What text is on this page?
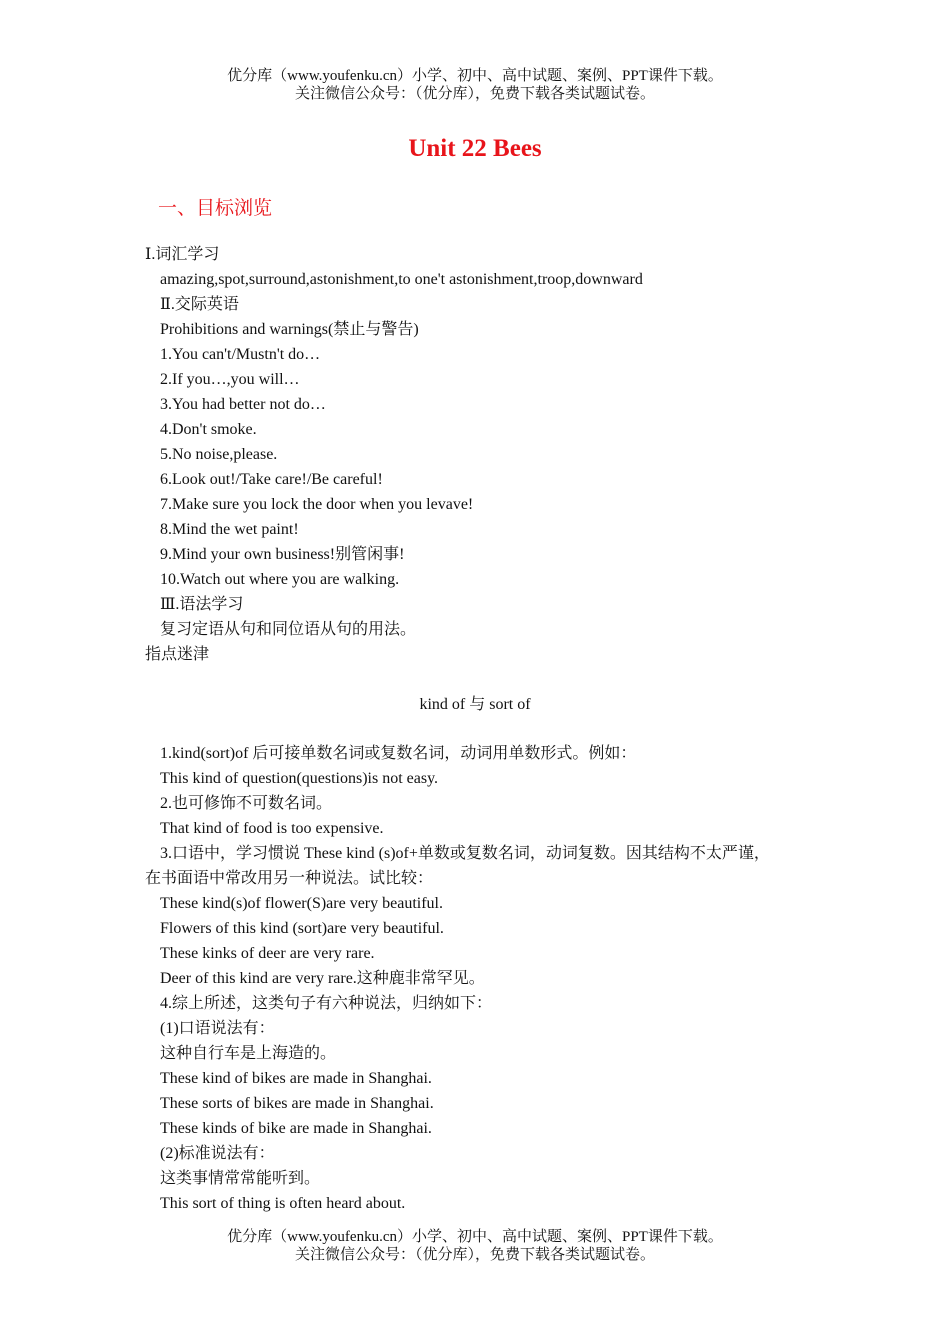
优分库（www.youfenku.cn）小学、初中、高中试题、案例、PPT课件下载。
关注微信公众号：（优分库），免费下载各类试题试卷。
Unit 22 Bees
一、目标浏览
Ⅰ.词汇学习
amazing,spot,surround,astonishment,to one't astonishment,troop,downward
Ⅱ.交际英语
Prohibitions and warnings(禁止与警告)
1.You can't/Mustn't do…
2.If you…,you will…
3.You had better not do…
4.Don't smoke.
5.No noise,please.
6.Look out!/Take care!/Be careful!
7.Make sure you lock the door when you levave!
8.Mind the wet paint!
9.Mind your own business!别管闲事!
10.Watch out where you are walking.
Ⅲ.语法学习
复习定语从句和同位语从句的用法。
指点迷津
kind of 与 sort of
1.kind(sort)of 后可接单数名词或复数名词，动词用单数形式。例如：
This kind of question(questions)is not easy.
2.也可修饰不可数名词。
That kind of food is too expensive.
3.口语中，学习惯说 These kind (s)of+单数或复数名词，动词复数。因其结构不太严谨，
在书面语中常改用另一种说法。试比较：
These kind(s)of flower(S)are very beautiful.
Flowers of this kind (sort)are very beautiful.
These kinks of deer are very rare.
Deer of this kind are very rare.这种鹿非常罕见。
4.综上所述，这类句子有六种说法，归纳如下：
(1)口语说法有：
这种自行车是上海造的。
These kind of bikes are made in Shanghai.
These sorts of bikes are made in Shanghai.
These kinds of bike are made in Shanghai.
(2)标准说法有：
这类事情常常能听到。
This sort of thing is often heard about.
优分库（www.youfenku.cn）小学、初中、高中试题、案例、PPT课件下载。
关注微信公众号：（优分库），免费下载各类试题试卷。
